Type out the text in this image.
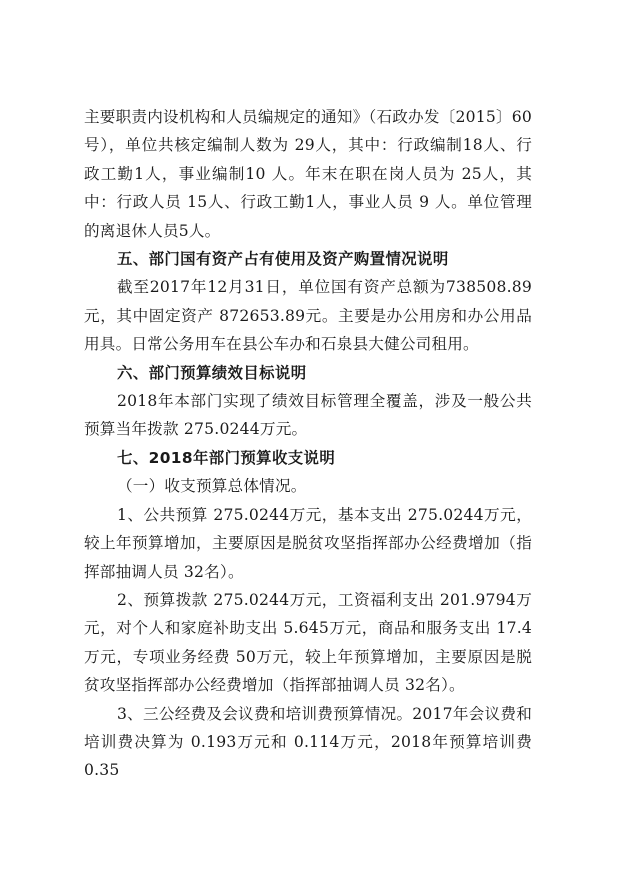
主要职责内设机构和人员编规定的通知》（石政办发〔2015〕60号），单位共核定编制人数为 29人，其中：行政编制18人、行政工勤1人，事业编制10 人。年末在职在岗人员为 25人，其中：行政人员 15人、行政工勤1人，事业人员 9 人。单位管理的离退休人员5人。

五、部门国有资产占有使用及资产购置情况说明

截至2017年12月31日，单位国有资产总额为738508.89元，其中固定资产 872653.89元。主要是办公用房和办公用品用具。日常公务用车在县公车办和石泉县大健公司租用。

六、部门预算绩效目标说明

2018年本部门实现了绩效目标管理全覆盖，涉及一般公共预算当年拨款 275.0244万元。

七、2018年部门预算收支说明

（一）收支预算总体情况。

1、公共预算 275.0244万元，基本支出 275.0244万元，较上年预算增加，主要原因是脱贫攻坚指挥部办公经费增加（指挥部抽调人员 32名）。

2、预算拨款 275.0244万元，工资福利支出 201.9794万元，对个人和家庭补助支出 5.645万元，商品和服务支出 17.4万元，专项业务经费 50万元，较上年预算增加，主要原因是脱贫攻坚指挥部办公经费增加（指挥部抽调人员 32名）。

3、三公经费及会议费和培训费预算情况。2017年会议费和培训费决算为 0.193万元和 0.114万元，2018年预算培训费 0.35
